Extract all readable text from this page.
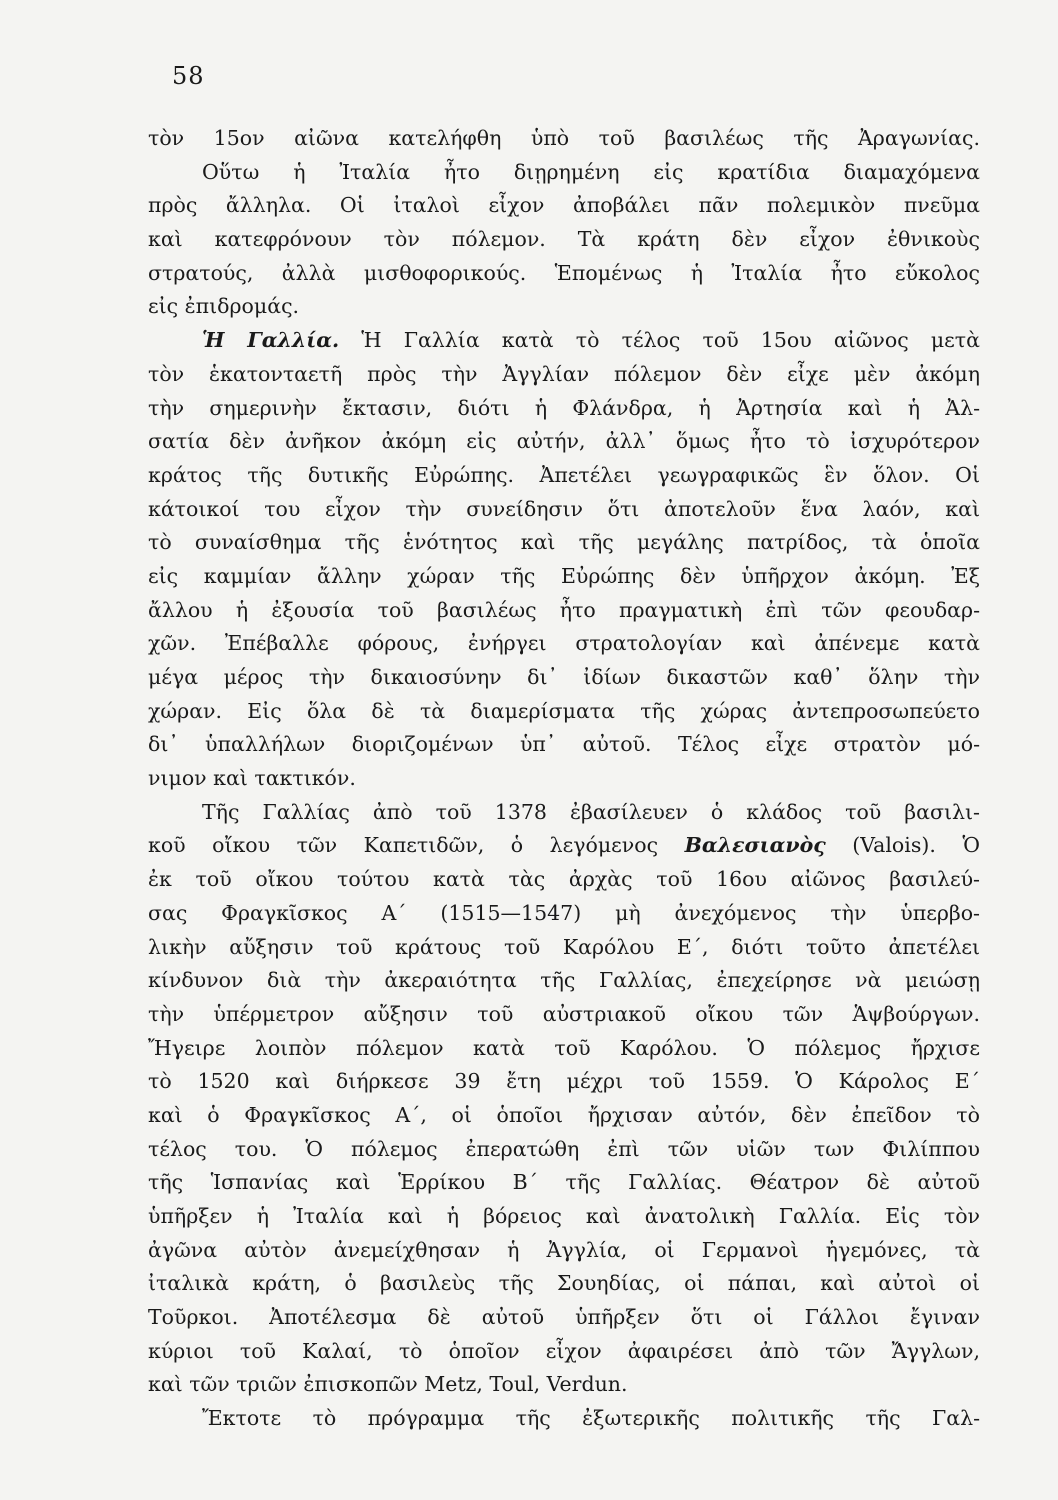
58
τὸν 15ον αἰῶνα κατελήφθη ὑπὸ τοῦ βασιλέως τῆς Ἀραγωνίας.
Οὕτω ἡ Ἰταλία ἦτο διῃρημένη εἰς κρατίδια διαμαχόμενα
πρὸς ἄλληλα. Οἱ ἰταλοὶ εἶχον ἀποβάλει πᾶν πολεμικὸν πνεῦμα
καὶ κατεφρόνουν τὸν πόλεμον. Τὰ κράτη δὲν εἶχον ἐθνικοὺς
στρατούς, ἀλλὰ μισθοφορικούς. Ἑπομένως ἡ Ἰταλία ἦτο εὔκολος
εἰς ἐπιδρομάς.
Ἡ Γαλλία. Ἡ Γαλλία κατὰ τὸ τέλος τοῦ 15ου αἰῶνος μετὰ
τὸν ἑκατονταετῆ πρὸς τὴν Ἀγγλίαν πόλεμον δὲν εἶχε μὲν ἀκόμη
τὴν σημερινὴν ἔκτασιν, διότι ἡ Φλάνδρα, ἡ Ἀρτησία καὶ ἡ Ἀλ-
σατία δὲν ἀνῆκον ἀκόμη εἰς αὐτήν, ἀλλ᾿ ὅμως ἦτο τὸ ἰσχυρότερον
κράτος τῆς δυτικῆς Εὐρώπης. Ἀπετέλει γεωγραφικῶς ἓν ὅλον. Οἱ
κάτοικοί του εἶχον τὴν συνείδησιν ὅτι ἀποτελοῦν ἕνα λαόν, καὶ
τὸ συναίσθημα τῆς ἑνότητος καὶ τῆς μεγάλης πατρίδος, τὰ ὁποῖα
εἰς καμμίαν ἄλλην χώραν τῆς Εὐρώπης δὲν ὑπῆρχον ἀκόμη. Ἐξ
ἄλλου ἡ ἐξουσία τοῦ βασιλέως ἦτο πραγματικὴ ἐπὶ τῶν φεουδαρ-
χῶν. Ἐπέβαλλε φόρους, ἐνήργει στρατολογίαν καὶ ἀπένεμε κατὰ
μέγα μέρος τὴν δικαιοσύνην δι᾿ ἰδίων δικαστῶν καθ᾿ ὅλην τὴν
χώραν. Εἰς ὅλα δὲ τὰ διαμερίσματα τῆς χώρας ἀντεπροσωπεύετο
δι᾿ ὑπαλλήλων διοριζομένων ὑπ᾿ αὐτοῦ. Τέλος εἶχε στρατὸν μό-
νιμον καὶ τακτικόν.
Τῆς Γαλλίας ἀπὸ τοῦ 1378 ἐβασίλευεν ὁ κλάδος τοῦ βασιλι-
κοῦ οἴκου τῶν Καπετιδῶν, ὁ λεγόμενος Βαλεσιανὸς (Valois). Ὁ
ἐκ τοῦ οἴκου τούτου κατὰ τὰς ἀρχὰς τοῦ 16ου αἰῶνος βασιλεύ-
σας Φραγκῖσκος Α΄ (1515—1547) μὴ ἀνεχόμενος τὴν ὑπερβο-
λικὴν αὔξησιν τοῦ κράτους τοῦ Καρόλου Ε΄, διότι τοῦτο ἀπετέλει
κίνδυνον διὰ τὴν ἀκεραιότητα τῆς Γαλλίας, ἐπεχείρησε νὰ μειώσῃ
τὴν ὑπέρμετρον αὔξησιν τοῦ αὐστριακοῦ οἴκου τῶν Ἁψβούργων.
Ἤγειρε λοιπὸν πόλεμον κατὰ τοῦ Καρόλου. Ὁ πόλεμος ἤρχισε
τὸ 1520 καὶ διήρκεσε 39 ἔτη μέχρι τοῦ 1559. Ὁ Κάρολος Ε΄
καὶ ὁ Φραγκῖσκος Α΄, οἱ ὁποῖοι ἤρχισαν αὐτόν, δὲν ἐπεῖδον τὸ
τέλος του. Ὁ πόλεμος ἐπερατώθη ἐπὶ τῶν υἱῶν των Φιλίππου
τῆς Ἱσπανίας καὶ Ἑρρίκου Β΄ τῆς Γαλλίας. Θέατρον δὲ αὐτοῦ
ὑπῆρξεν ἡ Ἰταλία καὶ ἡ βόρειος καὶ ἀνατολικὴ Γαλλία. Εἰς τὸν
ἀγῶνα αὐτὸν ἀνεμείχθησαν ἡ Ἀγγλία, οἱ Γερμανοὶ ἡγεμόνες, τὰ
ἰταλικὰ κράτη, ὁ βασιλεὺς τῆς Σουηδίας, οἱ πάπαι, καὶ αὐτοὶ οἱ
Τοῦρκοι. Ἀποτέλεσμα δὲ αὐτοῦ ὑπῆρξεν ὅτι οἱ Γάλλοι ἔγιναν
κύριοι τοῦ Καλαί, τὸ ὁποῖον εἶχον ἀφαιρέσει ἀπὸ τῶν Ἄγγλων,
καὶ τῶν τριῶν ἐπισκοπῶν Metz, Toul, Verdun.
Ἔκτοτε τὸ πρόγραμμα τῆς ἐξωτερικῆς πολιτικῆς τῆς Γαλ-
